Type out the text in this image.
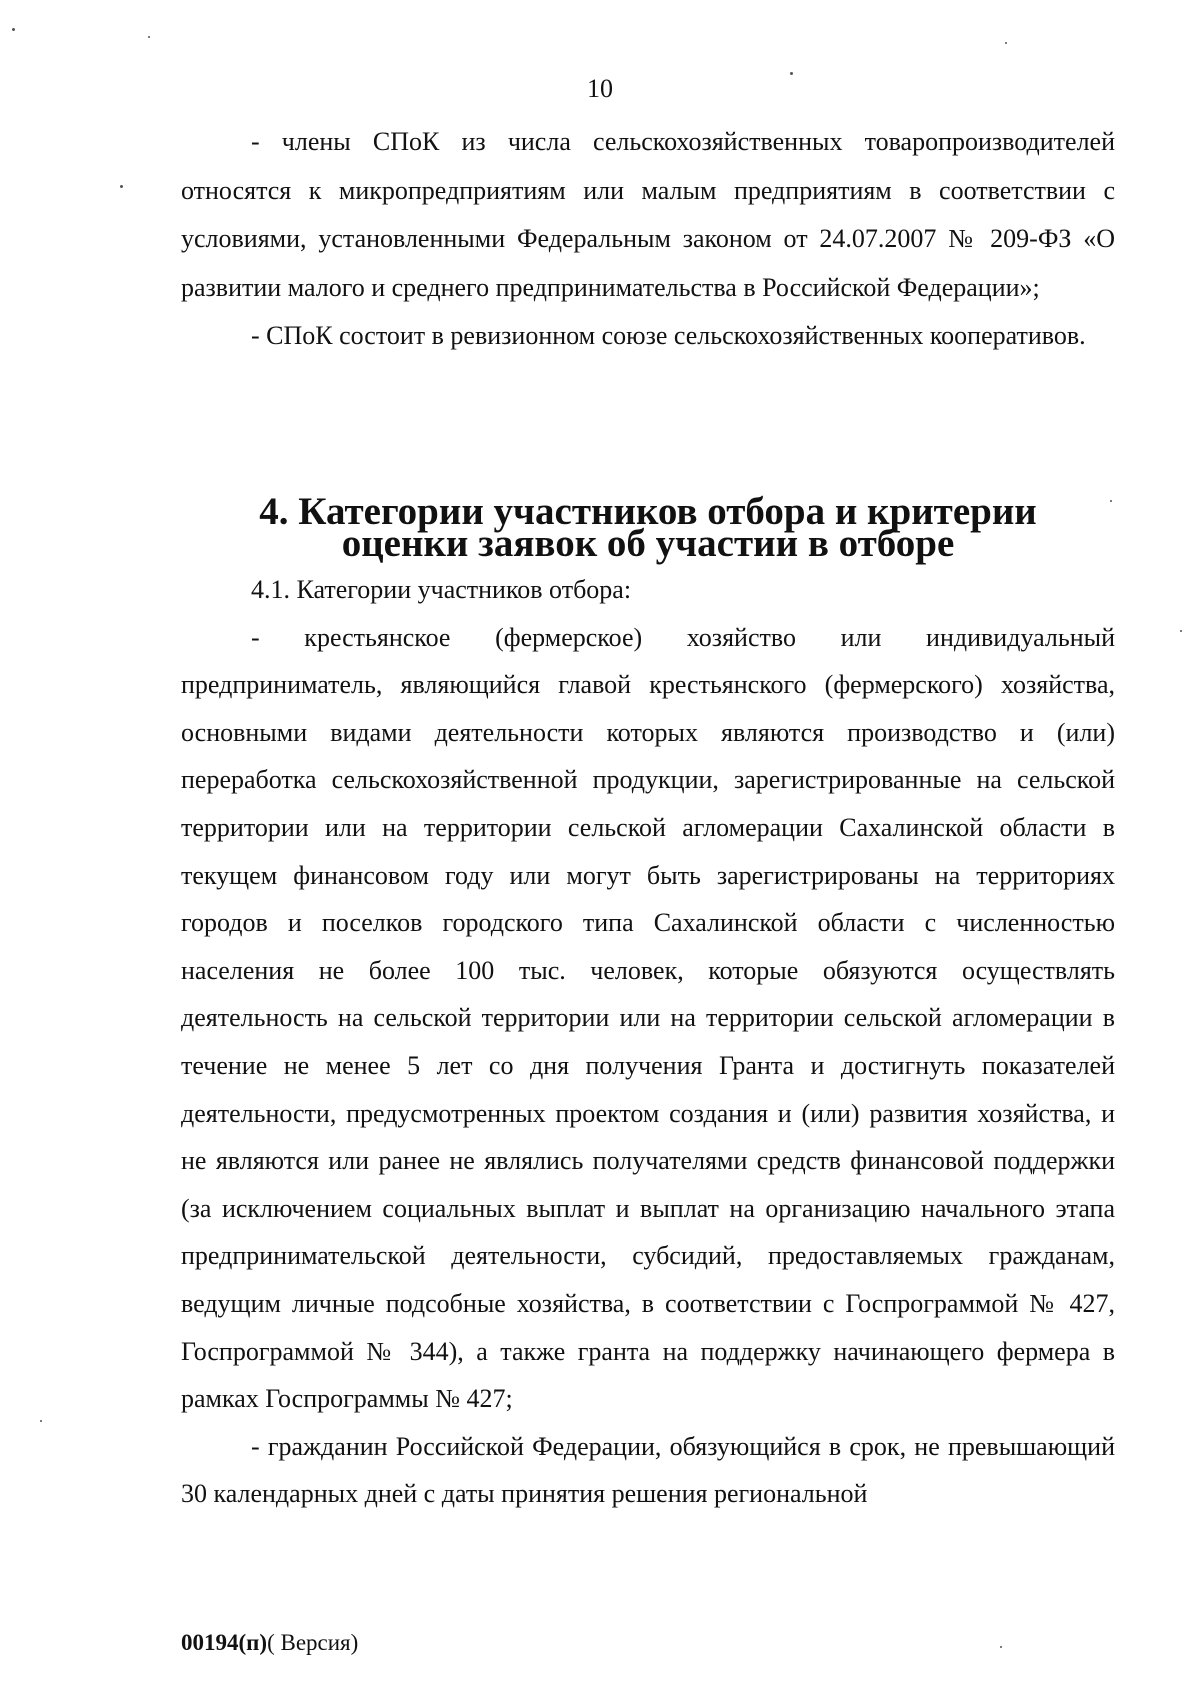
10

- члены СПоК из числа сельскохозяйственных товаропроизводителей относятся к микропредприятиям или малым предприятиям в соответствии с условиями, установленными Федеральным законом от 24.07.2007 № 209-ФЗ «О развитии малого и среднего предпринимательства в Российской Федерации»;

- СПоК состоит в ревизионном союзе сельскохозяйственных кооперативов.

4. Категории участников отбора и критерии
оценки заявок об участии в отборе

4.1. Категории участников отбора:

- крестьянское (фермерское) хозяйство или индивидуальный предприниматель, являющийся главой крестьянского (фермерского) хозяйства, основными видами деятельности которых являются производство и (или) переработка сельскохозяйственной продукции, зарегистрированные на сельской территории или на территории сельской агломерации Сахалинской области в текущем финансовом году или могут быть зарегистрированы на территориях городов и поселков городского типа Сахалинской области с численностью населения не более 100 тыс. человек, которые обязуются осуществлять деятельность на сельской территории или на территории сельской агломерации в течение не менее 5 лет со дня получения Гранта и достигнуть показателей деятельности, предусмотренных проектом создания и (или) развития хозяйства, и не являются или ранее не являлись получателями средств финансовой поддержки (за исключением социальных выплат и выплат на организацию начального этапа предпринимательской деятельности, субсидий, предоставляемых гражданам, ведущим личные подсобные хозяйства, в соответствии с Госпрограммой № 427, Госпрограммой № 344), а также гранта на поддержку начинающего фермера в рамках Госпрограммы № 427;

- гражданин Российской Федерации, обязующийся в срок, не превышающий 30 календарных дней с даты принятия решения региональной

00194(п)( Версия)
